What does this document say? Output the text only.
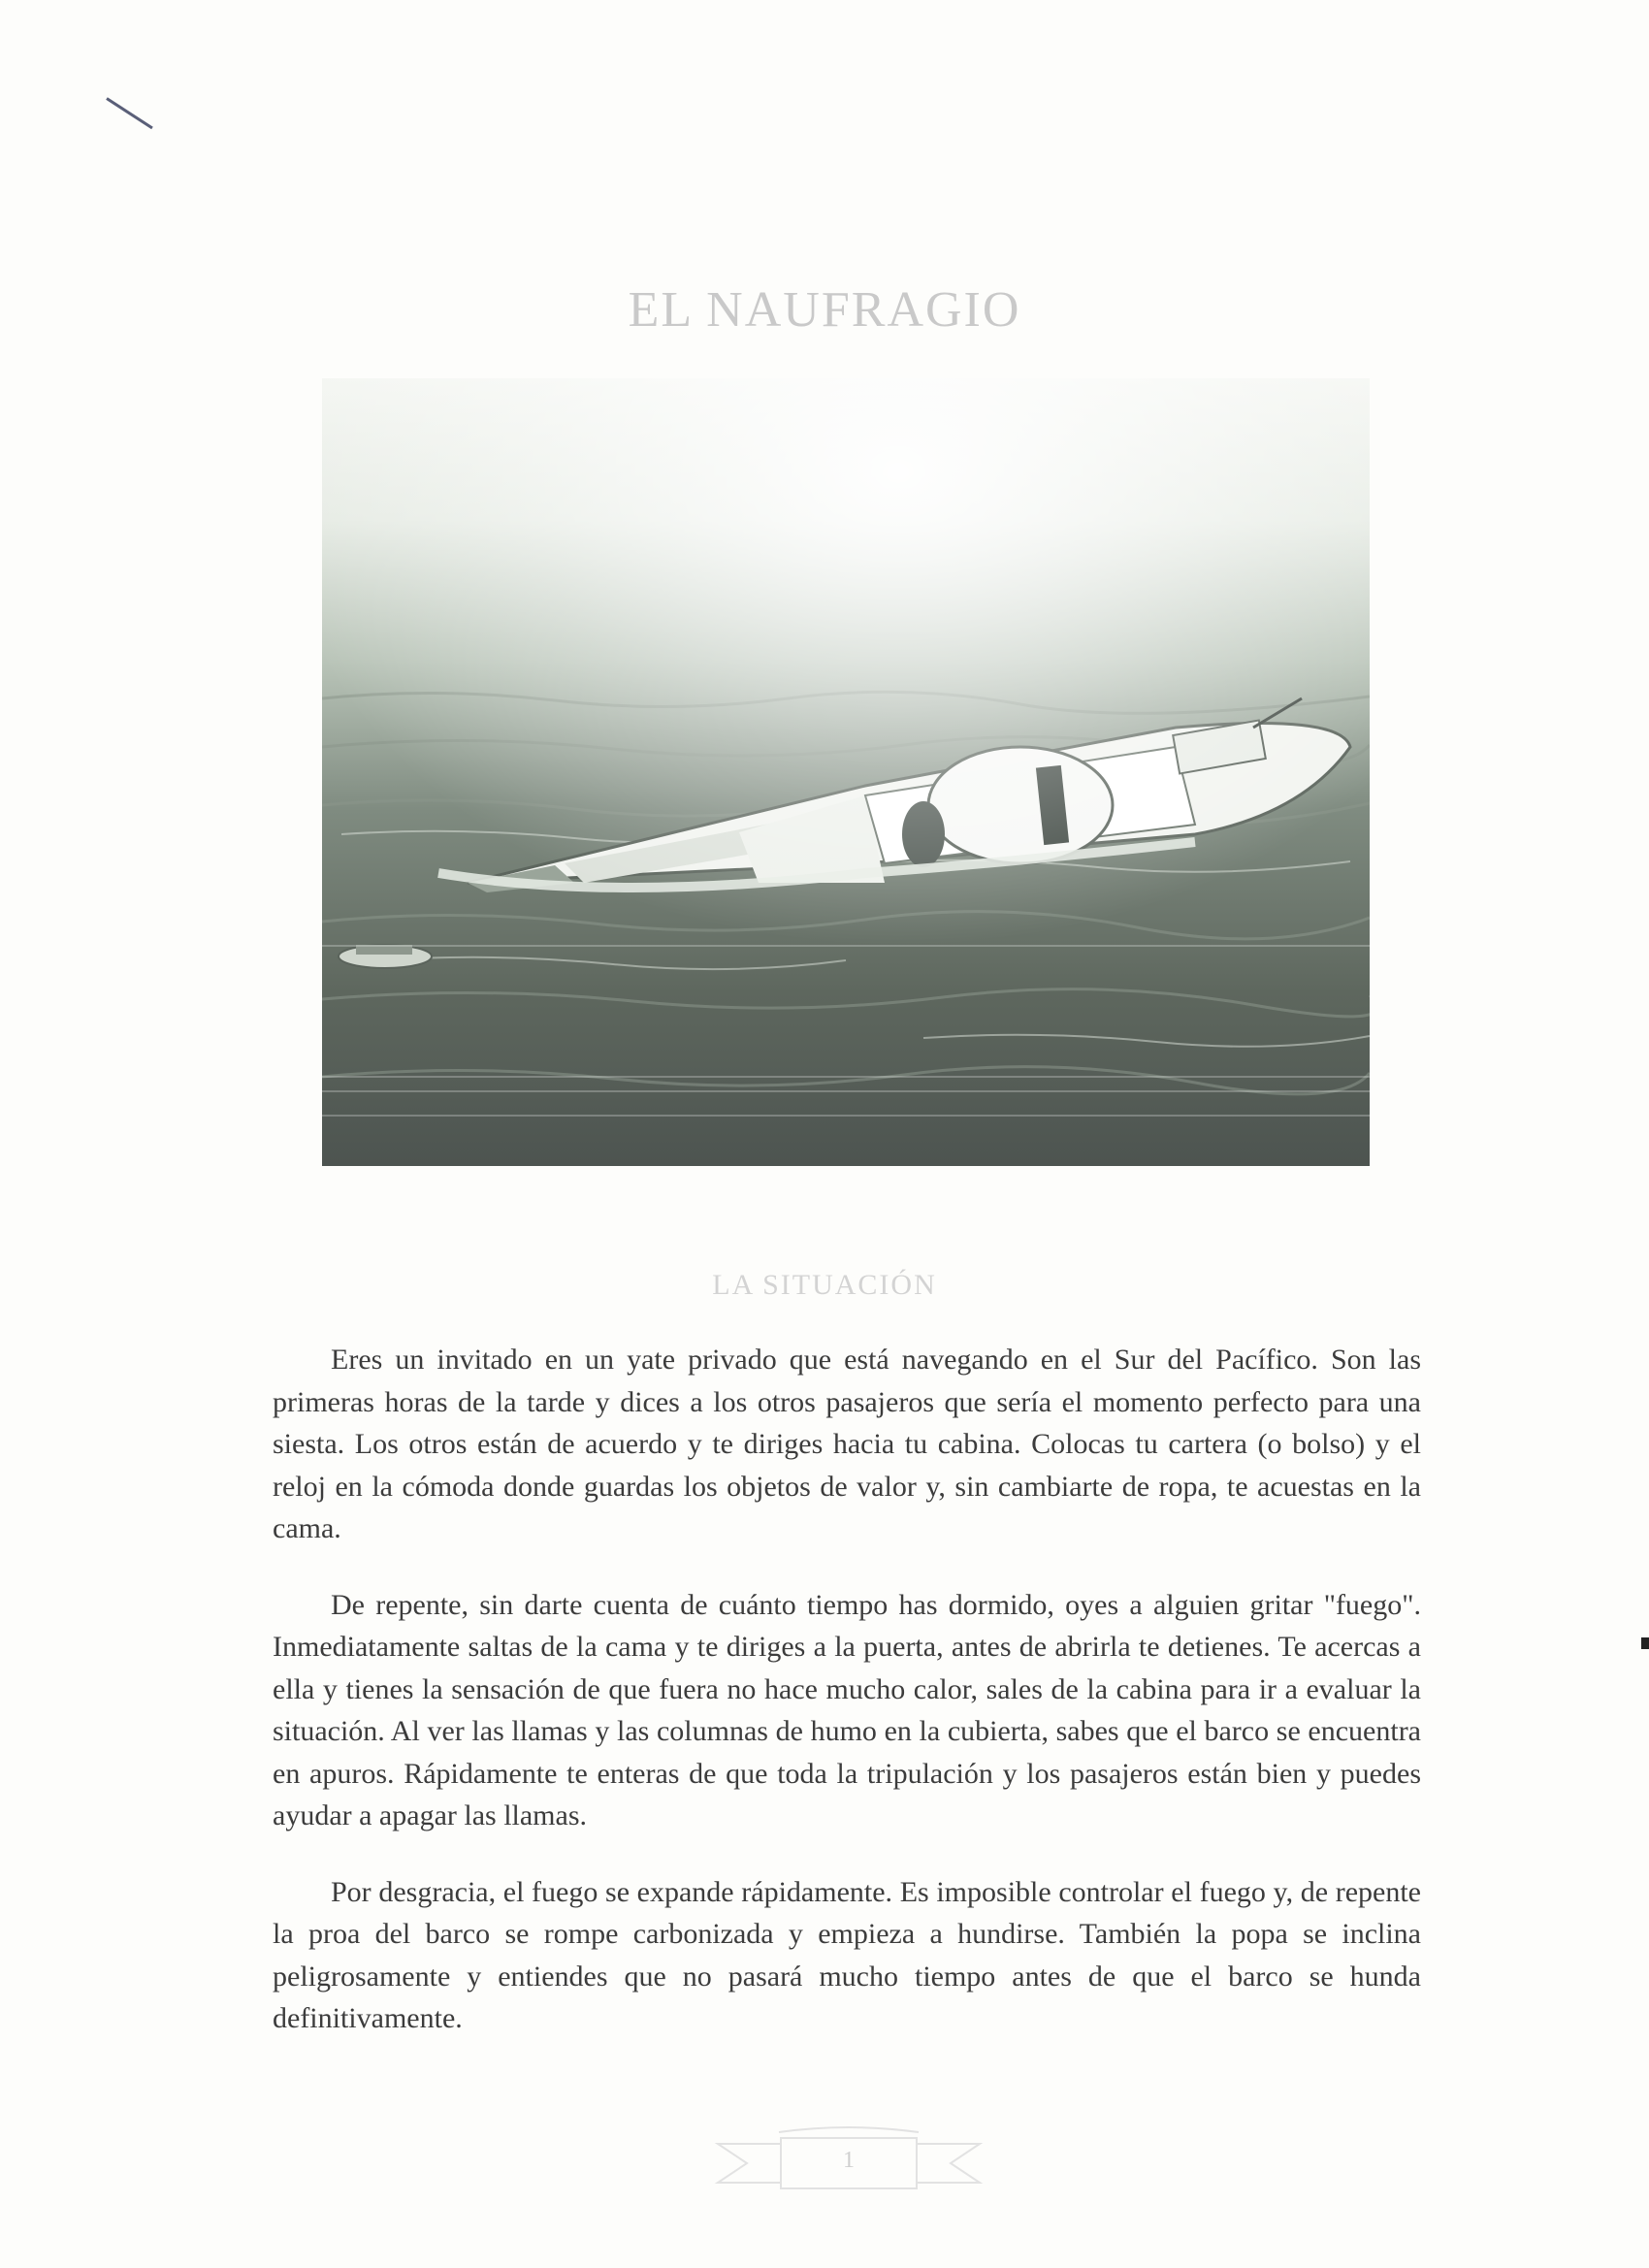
EL NAUFRAGIO
LA SITUACIÓN

Eres un invitado en un yate privado que está navegando en el Sur del Pacífico. Son las primeras horas de la tarde y dices a los otros pasajeros que sería el momento perfecto para una siesta. Los otros están de acuerdo y te diriges hacia tu cabina. Colocas tu cartera (o bolso) y el reloj en la cómoda donde guardas los objetos de valor y, sin cambiarte de ropa, te acuestas en la cama.

De repente, sin darte cuenta de cuánto tiempo has dormido, oyes a alguien gritar "fuego". Inmediatamente saltas de la cama y te diriges a la puerta, antes de abrirla te detienes. Te acercas a ella y tienes la sensación de que fuera no hace mucho calor, sales de la cabina para ir a evaluar la situación. Al ver las llamas y las columnas de humo en la cubierta, sabes que el barco se encuentra en apuros. Rápidamente te enteras de que toda la tripulación y los pasajeros están bien y puedes ayudar a apagar las llamas.

Por desgracia, el fuego se expande rápidamente. Es imposible controlar el fuego y, de repente la proa del barco se rompe carbonizada y empieza a hundirse. También la popa se inclina peligrosamente y entiendes que no pasará mucho tiempo antes de que el barco se hunda definitivamente.

1
